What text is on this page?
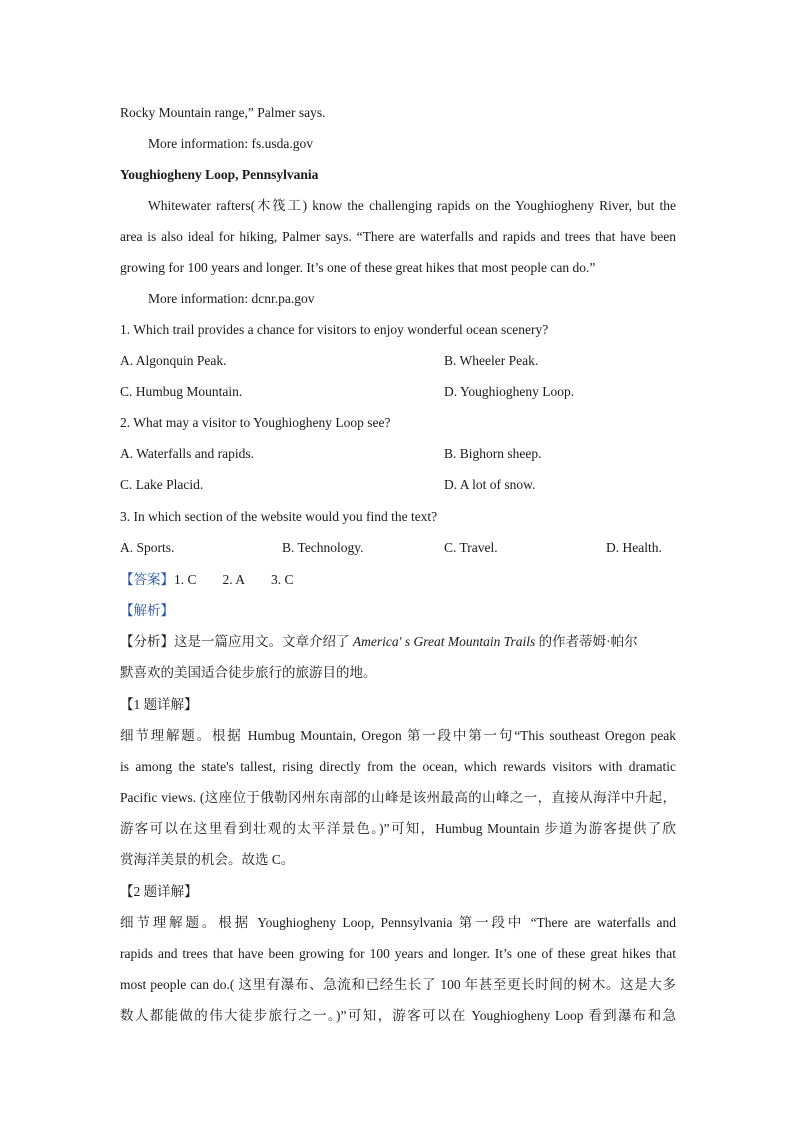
Rocky Mountain range,” Palmer says.
More information: fs.usda.gov
Youghiogheny Loop, Pennsylvania
Whitewater rafters(木筏工) know the challenging rapids on the Youghiogheny River, but the
area is also ideal for hiking, Palmer says. “There are waterfalls and rapids and trees that have been
growing for 100 years and longer. It’s one of these great hikes that most people can do.”
More information: dcnr.pa.gov
1. Which trail provides a chance for visitors to enjoy wonderful ocean scenery?
A. Algonquin Peak.	B. Wheeler Peak.
C. Humbug Mountain.	D. Youghiogheny Loop.
2. What may a visitor to Youghiogheny Loop see?
A. Waterfalls and rapids.	B. Bighorn sheep.
C. Lake Placid.	D. A lot of snow.
3. In which section of the website would you find the text?
A. Sports.	B. Technology.	C. Travel.	D. Health.
【答案】1. C 2. A 3. C
【解析】
【分析】这是一篇应用文。文章介绍了 America' s Great Mountain Trails 的作者蒂姆·帕尔
默喜欢的美国适合徒步旅行的旅游目的地。
【1 题详解】
细节理解题。根据 Humbug Mountain, Oregon 第一段中第一句“This southeast Oregon peak
is among the state's tallest, rising directly from the ocean, which rewards visitors with dramatic
Pacific views. (这座位于俄勒冈州东南部的山峰是该州最高的山峰之一，直接从海洋中升起，
游客可以在这里看到壮观的太平洋景色。)”可知，Humbug Mountain 步道为游客提供了欣
赏海洋美景的机会。故选 C。
【2 题详解】
细节理解题。根据 Youghiogheny Loop, Pennsylvania 第一段中 “There are waterfalls and
rapids and trees that have been growing for 100 years and longer. It’s one of these great hikes that
most people can do.( 这里有瀑布、急流和已经生长了 100 年甚至更长时间的树木。这是大多
数人都能做的伟大徒步旅行之一。)”可知，游客可以在 Youghiogheny Loop 看到瀑布和急
